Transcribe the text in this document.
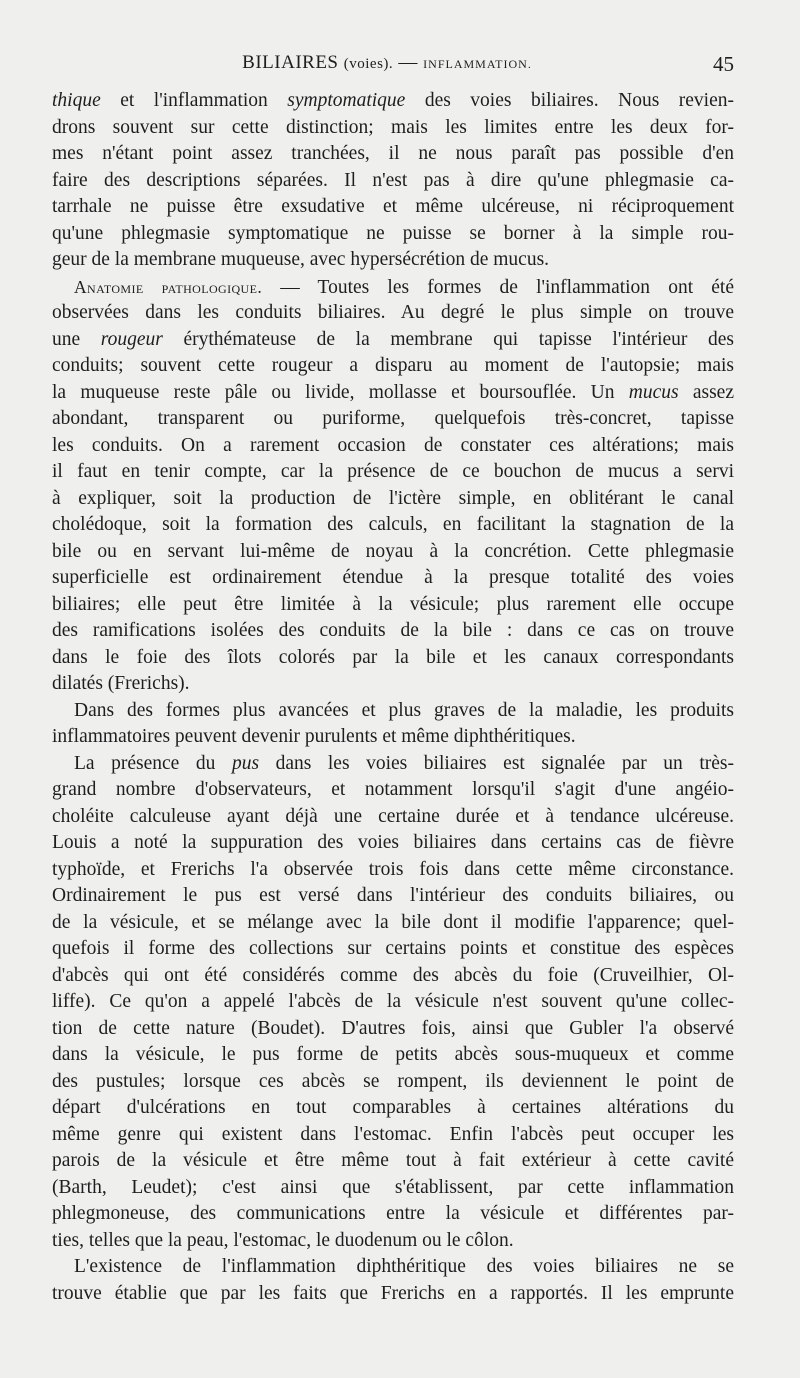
BILIAIRES (voies). — INFLAMMATION.	45
thique et l'inflammation symptomatique des voies biliaires. Nous revien-
drons souvent sur cette distinction; mais les limites entre les deux for-
mes n'étant point assez tranchées, il ne nous paraît pas possible d'en
faire des descriptions séparées. Il n'est pas à dire qu'une phlegmasie ca-
tarrhale ne puisse être exsudative et même ulcéreuse, ni réciproquement
qu'une phlegmasie symptomatique ne puisse se borner à la simple rou-
geur de la membrane muqueuse, avec hypersécrétion de mucus.
Anatomie pathologique. — Toutes les formes de l'inflammation ont été
observées dans les conduits biliaires. Au degré le plus simple on trouve
une rougeur érythémateuse de la membrane qui tapisse l'intérieur des
conduits; souvent cette rougeur a disparu au moment de l'autopsie; mais
la muqueuse reste pâle ou livide, mollasse et boursouflée. Un mucus assez
abondant, transparent ou puriforme, quelquefois très-concret, tapisse
les conduits. On a rarement occasion de constater ces altérations; mais
il faut en tenir compte, car la présence de ce bouchon de mucus a servi
à expliquer, soit la production de l'ictère simple, en oblitérant le canal
cholédoque, soit la formation des calculs, en facilitant la stagnation de la
bile ou en servant lui-même de noyau à la concrétion. Cette phlegmasie
superficielle est ordinairement étendue à la presque totalité des voies
biliaires; elle peut être limitée à la vésicule; plus rarement elle occupe
des ramifications isolées des conduits de la bile : dans ce cas on trouve
dans le foie des îlots colorés par la bile et les canaux correspondants
dilatés (Frerichs).
Dans des formes plus avancées et plus graves de la maladie, les produits
inflammatoires peuvent devenir purulents et même diphthéritiques.
La présence du pus dans les voies biliaires est signalée par un très-
grand nombre d'observateurs, et notamment lorsqu'il s'agit d'une angéio-
choléite calculeuse ayant déjà une certaine durée et à tendance ulcéreuse.
Louis a noté la suppuration des voies biliaires dans certains cas de fièvre
typhoïde, et Frerichs l'a observée trois fois dans cette même circonstance.
Ordinairement le pus est versé dans l'intérieur des conduits biliaires, ou
de la vésicule, et se mélange avec la bile dont il modifie l'apparence; quel-
quefois il forme des collections sur certains points et constitue des espèces
d'abcès qui ont été considérés comme des abcès du foie (Cruveilhier, Ol-
liffe). Ce qu'on a appelé l'abcès de la vésicule n'est souvent qu'une collec-
tion de cette nature (Boudet). D'autres fois, ainsi que Gubler l'a observé
dans la vésicule, le pus forme de petits abcès sous-muqueux et comme
des pustules; lorsque ces abcès se rompent, ils deviennent le point de
départ d'ulcérations en tout comparables à certaines altérations du
même genre qui existent dans l'estomac. Enfin l'abcès peut occuper les
parois de la vésicule et être même tout à fait extérieur à cette cavité
(Barth, Leudet); c'est ainsi que s'établissent, par cette inflammation
phlegmoneuse, des communications entre la vésicule et différentes par-
ties, telles que la peau, l'estomac, le duodenum ou le côlon.
L'existence de l'inflammation diphthéritique des voies biliaires ne se
trouve établie que par les faits que Frerichs en a rapportés. Il les emprunte
